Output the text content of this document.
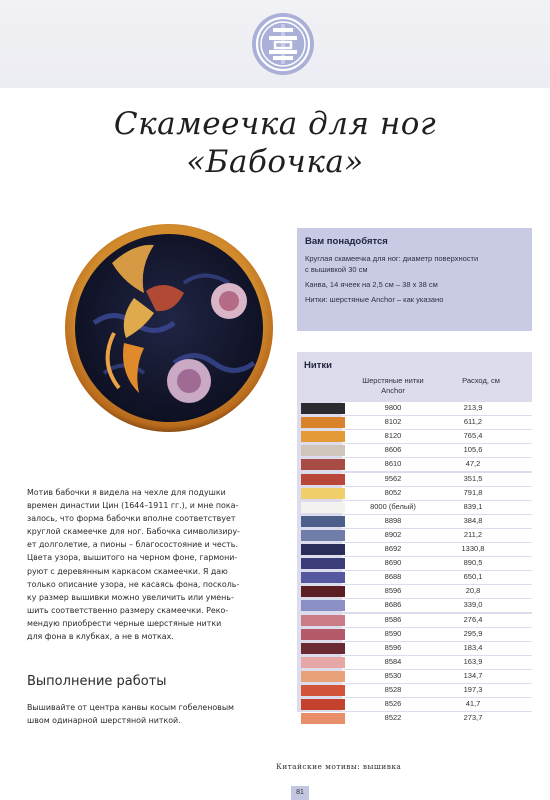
Скамеечка для ног
«Бабочка»
Вам понадобятся
Круглая скамеечка для ног: диаметр поверхности
с вышивкой 30 см
Канва, 14 ячеек на 2,5 см – 38 х 38 см
Нитки: шерстяные Anchor – как указано
Нитки
Шерстяные нитки Anchor
Расход, см
9800	213,9
8102	611,2
8120	765,4
8606	105,6
8610	47,2
9562	351,5
8052	791,8
8000 (белый)	839,1
8898	384,8
8902	211,2
8692	1330,8
8690	890,5
8688	650,1
8596	20,8
8686	339,0
8586	276,4
8590	295,9
8596	183,4
8584	163,9
8530	134,7
8528	197,3
8526	41,7
8522	273,7

Мотив бабочки я видела на чехле для подушки

времен династии Цин (1644–1911 гг.), и мне пока-

залось, что форма бабочки вполне соответствует

круглой скамеечке для ног. Бабочка символизиру-

ет долголетие, а пионы – благосостояние и честь.

Цвета узора, вышитого на черном фоне, гармони-

руют с деревянным каркасом скамеечки. Я даю

только описание узора, не касаясь фона, посколь-

ку размер вышивки можно увеличить или умень-

шить соответственно размеру скамеечки. Реко-

мендую приобрести черные шерстяные нитки

для фона в клубках, а не в мотках.

Выполнение работы
Вышивайте от центра канвы косым гобеленовым
швом одинарной шерстяной ниткой.
Китайские мотивы: вышивка
81
